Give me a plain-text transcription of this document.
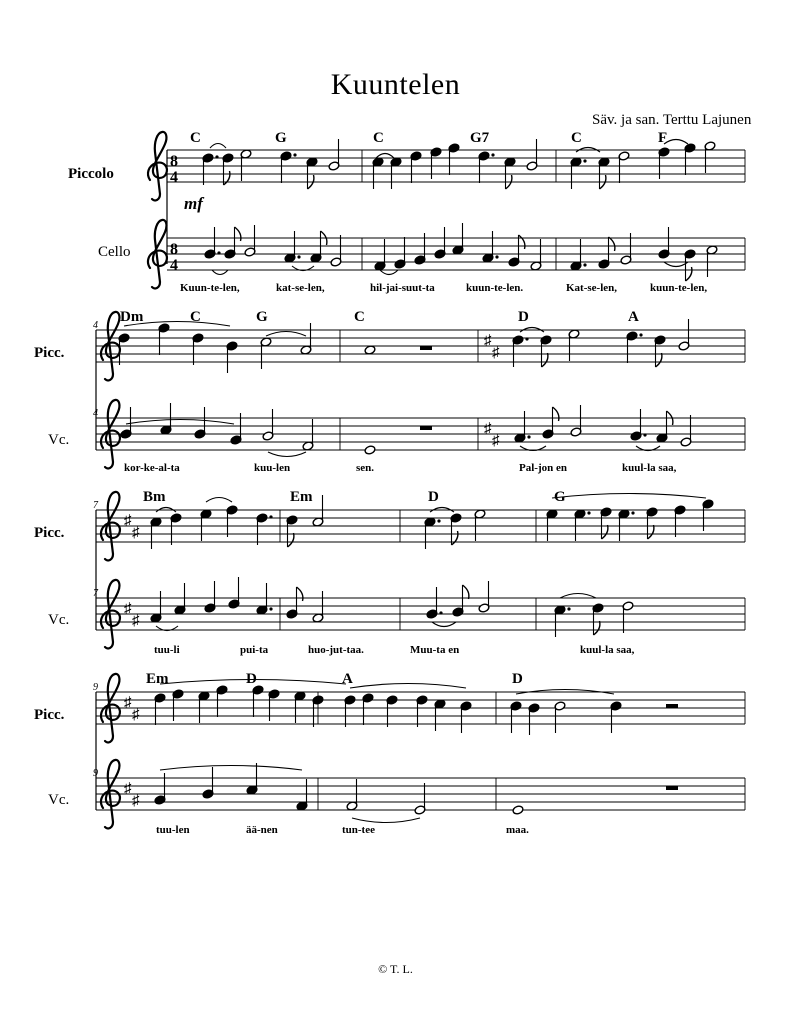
Kuuntelen
Säv. ja san. Terttu Lajunen
8
4
8
4
mf
Piccolo
Cello
C	G	C	G7	C	F
Kuun-te-len,	kat-se-len,	hil-jai-suut-ta	kuun-te-len.	Kat-se-len,	kuun-te-len,
4
4
♯
♯
♯
♯
Picc.
Vc.
Dm	C	G	C	D	A
kor-ke-al-ta	kuu-len	sen.	Pal-jon en	kuul-la saa,
♯
♯
♯
♯
7
7
Picc.
Vc.
Bm	Em	D	G
tuu-li	pui-ta	huo-jut-taa.	Muu-ta en	kuul-la saa,
♯
♯
♯
♯
9
9
Picc.
Vc.
Em	D	A	D
tuu-len	ää-nen	tun-tee	maa.
© T. L.
